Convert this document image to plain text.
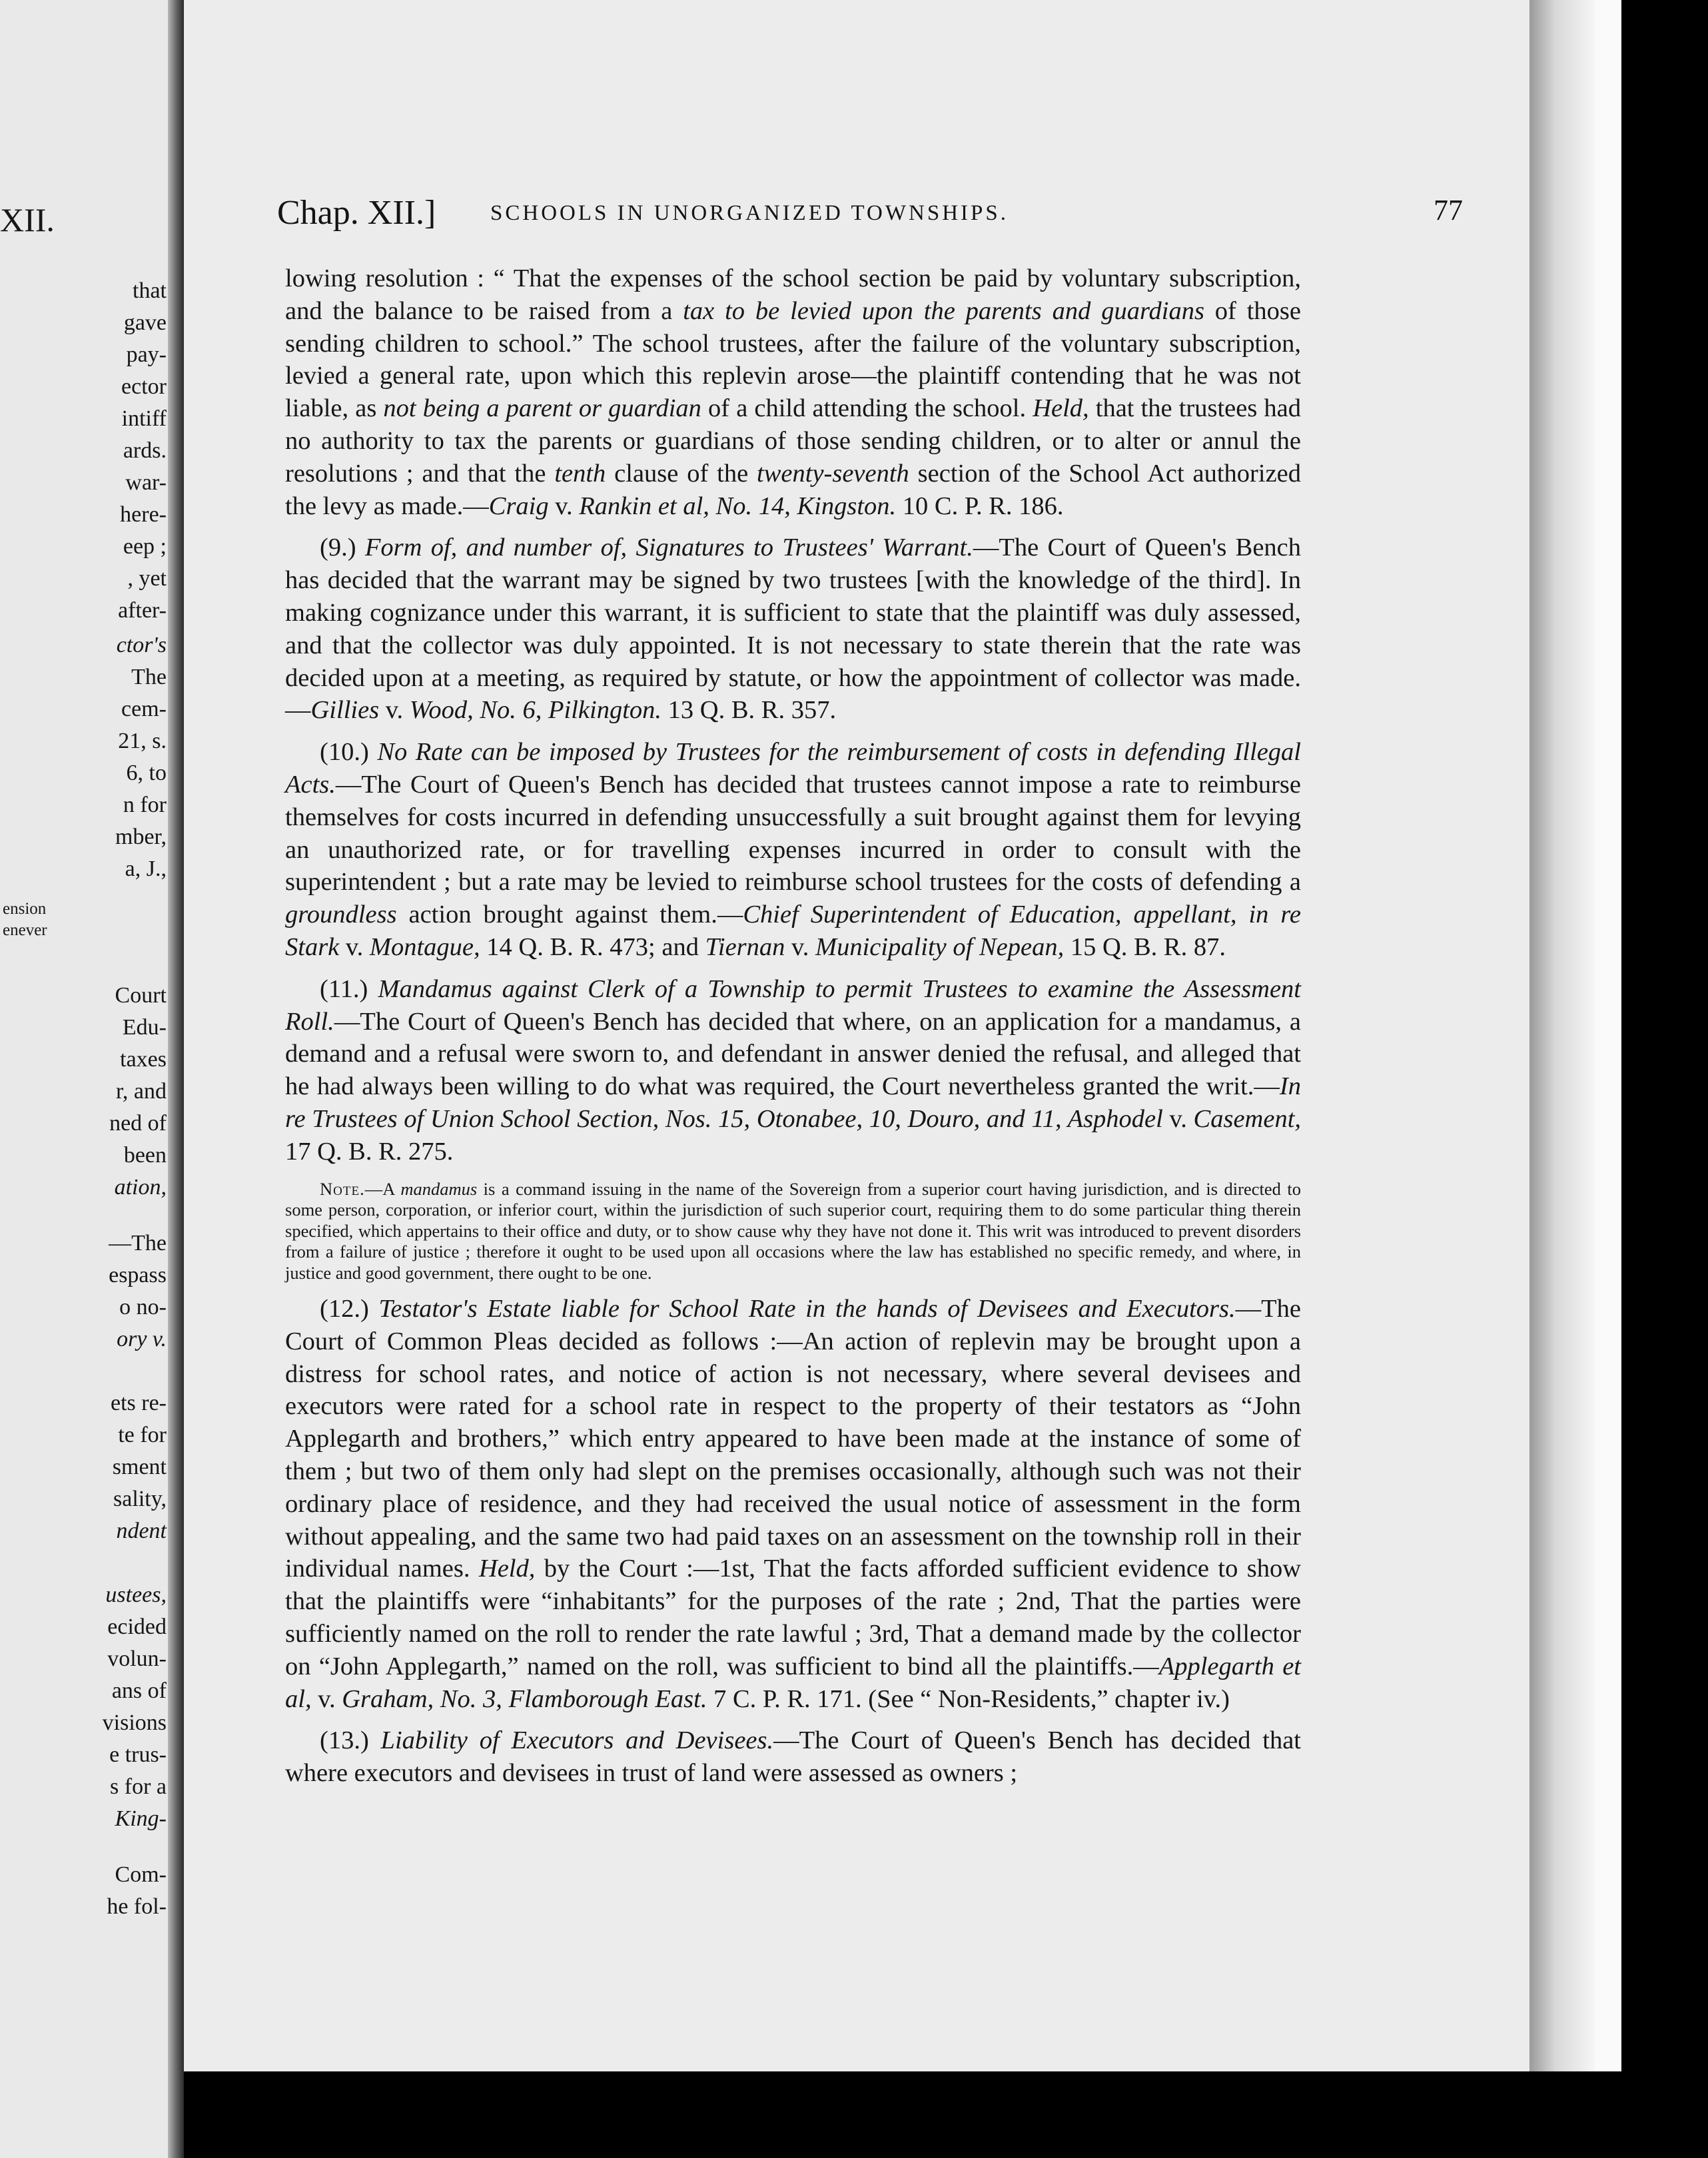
XII.
that
gave
pay-
ector
intiff
ards.
war-
here-
eep ;
, yet
after-
ctor's
The
cem-
21, s.
6, to
n for
mber,
a, J.,
ension
enever
Court
Edu-
taxes
r, and
ned of
been
ation,
—The
espass
o no-
ory v.
ets re-
te for
sment
sality,
ndent
ustees,
ecided
volun-
ans of
visions
e trus-
s for a
King-
Com-
he fol-
Chap. XII.] SCHOOLS IN UNORGANIZED TOWNSHIPS.	77

lowing resolution : “ That the expenses of the school section be paid by voluntary subscription, and the balance to be raised from a tax to be levied upon the parents and guardians of those sending children to school.” The school trustees, after the failure of the voluntary subscription, levied a general rate, upon which this replevin arose—the plaintiff contending that he was not liable, as not being a parent or guardian of a child attending the school. Held, that the trustees had no authority to tax the parents or guardians of those sending children, or to alter or annul the resolutions ; and that the tenth clause of the twenty-seventh section of the School Act authorized the levy as made.—Craig v. Rankin et al, No. 14, Kingston. 10 C. P. R. 186.

(9.) Form of, and number of, Signatures to Trustees' Warrant.—The Court of Queen's Bench has decided that the warrant may be signed by two trustees [with the knowledge of the third]. In making cognizance under this warrant, it is sufficient to state that the plaintiff was duly assessed, and that the collector was duly appointed. It is not necessary to state therein that the rate was decided upon at a meeting, as required by statute, or how the appointment of collector was made.—Gillies v. Wood, No. 6, Pilkington. 13 Q. B. R. 357.

(10.) No Rate can be imposed by Trustees for the reimbursement of costs in defending Illegal Acts.—The Court of Queen's Bench has decided that trustees cannot impose a rate to reimburse themselves for costs incurred in defending unsuccessfully a suit brought against them for levying an unauthorized rate, or for travelling expenses incurred in order to consult with the superintendent ; but a rate may be levied to reimburse school trustees for the costs of defending a groundless action brought against them.—Chief Superintendent of Education, appellant, in re Stark v. Montague, 14 Q. B. R. 473; and Tiernan v. Municipality of Nepean, 15 Q. B. R. 87.

(11.) Mandamus against Clerk of a Township to permit Trustees to examine the Assessment Roll.—The Court of Queen's Bench has decided that where, on an application for a mandamus, a demand and a refusal were sworn to, and defendant in answer denied the refusal, and alleged that he had always been willing to do what was required, the Court nevertheless granted the writ.—In re Trustees of Union School Section, Nos. 15, Otonabee, 10, Douro, and 11, Asphodel v. Casement, 17 Q. B. R. 275.

Note.—A mandamus is a command issuing in the name of the Sovereign from a superior court having jurisdiction, and is directed to some person, corporation, or inferior court, within the jurisdiction of such superior court, requiring them to do some particular thing therein specified, which appertains to their office and duty, or to show cause why they have not done it. This writ was introduced to prevent disorders from a failure of justice ; therefore it ought to be used upon all occasions where the law has established no specific remedy, and where, in justice and good government, there ought to be one.

(12.) Testator's Estate liable for School Rate in the hands of Devisees and Executors.—The Court of Common Pleas decided as follows :—An action of replevin may be brought upon a distress for school rates, and notice of action is not necessary, where several devisees and executors were rated for a school rate in respect to the property of their testators as “John Applegarth and brothers,” which entry appeared to have been made at the instance of some of them ; but two of them only had slept on the premises occasionally, although such was not their ordinary place of residence, and they had received the usual notice of assessment in the form without appealing, and the same two had paid taxes on an assessment on the township roll in their individual names. Held, by the Court :—1st, That the facts afforded sufficient evidence to show that the plaintiffs were “inhabitants” for the purposes of the rate ; 2nd, That the parties were sufficiently named on the roll to render the rate lawful ; 3rd, That a demand made by the collector on “John Applegarth,” named on the roll, was sufficient to bind all the plaintiffs.—Applegarth et al, v. Graham, No. 3, Flamborough East. 7 C. P. R. 171. (See “ Non-Residents,” chapter iv.)

(13.) Liability of Executors and Devisees.—The Court of Queen's Bench has decided that where executors and devisees in trust of land were assessed as owners ;
